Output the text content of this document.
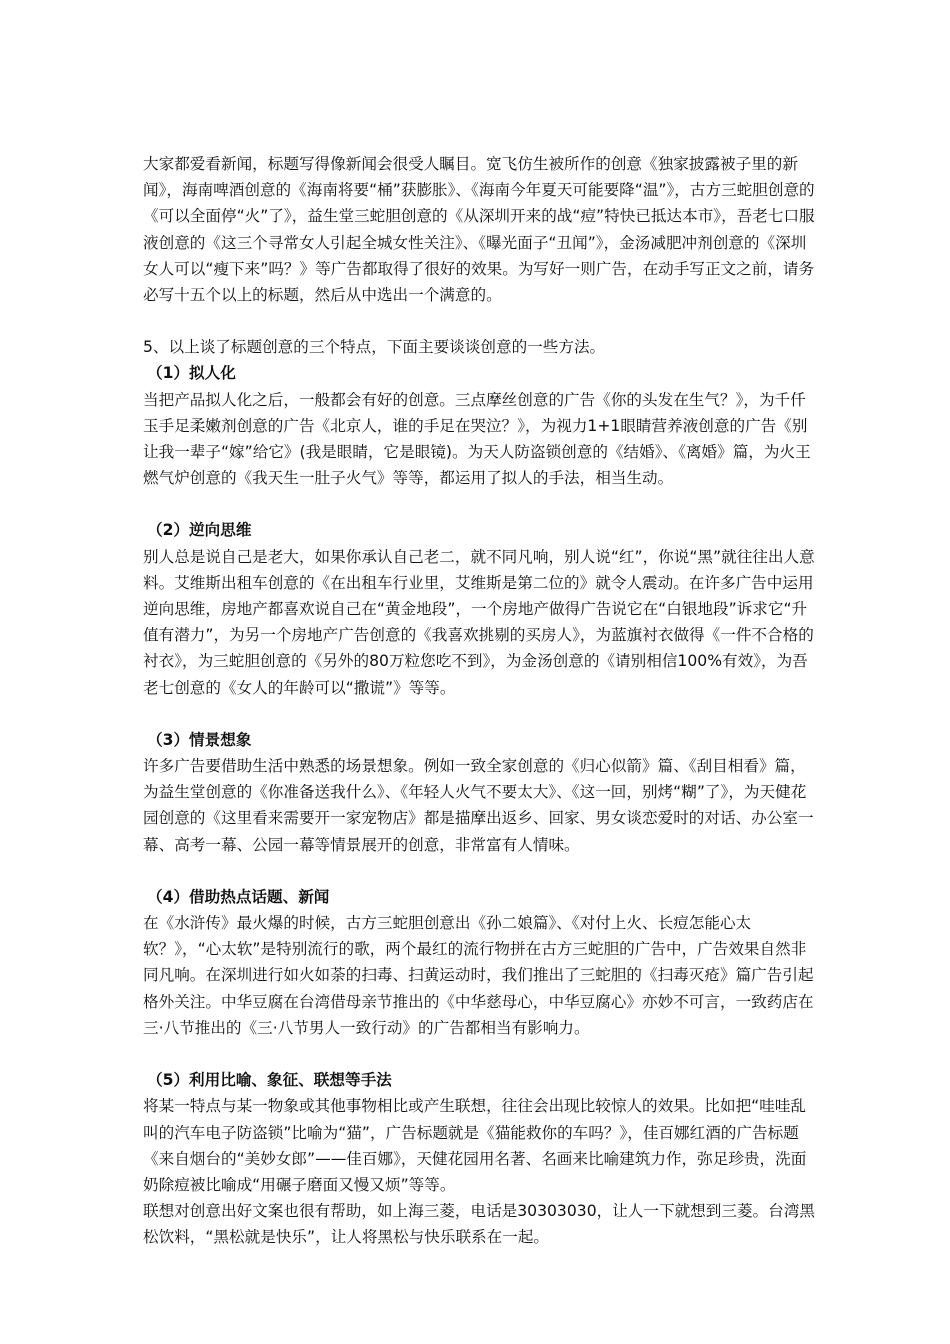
大家都爱看新闻，标题写得像新闻会很受人瞩目。宽飞仿生被所作的创意《独家披露被子里的新闻》，海南啤酒创意的《海南将要“桶”获膨胀》、《海南今年夏天可能要降“温”》，古方三蛇胆创意的《可以全面停“火”了》，益生堂三蛇胆创意的《从深圳开来的战“痘”特快已抵达本市》，吾老七口服液创意的《这三个寻常女人引起全城女性关注》、《曝光面子“丑闻”》，金汤减肥冲剂创意的《深圳女人可以“瘦下来”吗？》等广告都取得了很好的效果。为写好一则广告，在动手写正文之前，请务必写十五个以上的标题，然后从中选出一个满意的。

5、以上谈了标题创意的三个特点，下面主要谈谈创意的一些方法。

（1）拟人化

当把产品拟人化之后，一般都会有好的创意。三点摩丝创意的广告《你的头发在生气？》，为千仟玉手足柔嫩剂创意的广告《北京人，谁的手足在哭泣？》，为视力1+1眼睛营养液创意的广告《别让我一辈子“嫁”给它》(我是眼睛，它是眼镜)。为天人防盗锁创意的《结婚》、《离婚》篇，为火王燃气炉创意的《我天生一肚子火气》等等，都运用了拟人的手法，相当生动。

（2）逆向思维

别人总是说自己是老大，如果你承认自己老二，就不同凡响，别人说“红”，你说“黑”就往往出人意料。艾维斯出租车创意的《在出租车行业里，艾维斯是第二位的》就令人震动。在许多广告中运用逆向思维，房地产都喜欢说自己在“黄金地段”，一个房地产做得广告说它在“白银地段”诉求它“升值有潜力”，为另一个房地产广告创意的《我喜欢挑剔的买房人》，为蓝旗衬衣做得《一件不合格的衬衣》，为三蛇胆创意的《另外的80万粒您吃不到》，为金汤创意的《请别相信100%有效》，为吾老七创意的《女人的年龄可以“撒谎”》等等。

（3）情景想象

许多广告要借助生活中熟悉的场景想象。例如一致全家创意的《归心似箭》篇、《刮目相看》篇，为益生堂创意的《你准备送我什么》、《年轻人火气不要太大》、《这一回，别烤“糊”了》，为天健花园创意的《这里看来需要开一家宠物店》都是描摩出返乡、回家、男女谈恋爱时的对话、办公室一幕、高考一幕、公园一幕等情景展开的创意，非常富有人情味。

（4）借助热点话题、新闻

在《水浒传》最火爆的时候，古方三蛇胆创意出《孙二娘篇》、《对付上火、长痘怎能心太软？》，“心太软”是特别流行的歌，两个最红的流行物拼在古方三蛇胆的广告中，广告效果自然非同凡响。在深圳进行如火如荼的扫毒、扫黄运动时，我们推出了三蛇胆的《扫毒灭疮》篇广告引起格外关注。中华豆腐在台湾借母亲节推出的《中华慈母心，中华豆腐心》亦妙不可言，一致药店在三·八节推出的《三·八节男人一致行动》的广告都相当有影响力。

（5）利用比喻、象征、联想等手法

将某一特点与某一物象或其他事物相比或产生联想，往往会出现比较惊人的效果。比如把“哇哇乱叫的汽车电子防盗锁”比喻为“猫”，广告标题就是《猫能救你的车吗？》，佳百娜红酒的广告标题《来自烟台的“美妙女郎”——佳百娜》，天健花园用名著、名画来比喻建筑力作，弥足珍贵，洗面奶除痘被比喻成“用碾子磨面又慢又烦”等等。

联想对创意出好文案也很有帮助，如上海三菱，电话是30303030，让人一下就想到三菱。台湾黑松饮料，“黑松就是快乐”，让人将黑松与快乐联系在一起。
